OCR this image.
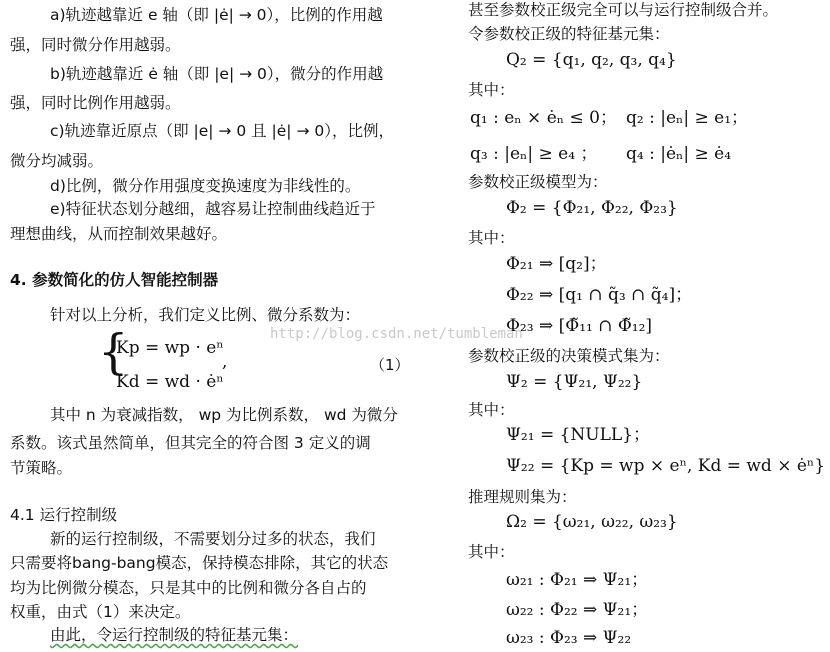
a)轨迹越靠近 e 轴（即 |ė| → 0），比例的作用越
强，同时微分作用越弱。
b)轨迹越靠近 ė 轴（即 |e| → 0），微分的作用越
强，同时比例作用越弱。
c)轨迹靠近原点（即 |e| → 0 且 |ė| → 0），比例，
微分均减弱。
d)比例，微分作用强度变换速度为非线性的。
e)特征状态划分越细，越容易让控制曲线趋近于
理想曲线，从而控制效果越好。
4. 参数简化的仿人智能控制器
针对以上分析，我们定义比例、微分系数为：
{
Kp = wp · eⁿ
,
Kd = wd · ėⁿ
（1）
其中 n 为衰减指数， wp 为比例系数， wd 为微分
系数。该式虽然简单，但其完全的符合图 3 定义的调
节策略。
4.1 运行控制级
新的运行控制级，不需要划分过多的状态，我们
只需要将bang-bang模态，保持模态排除，其它的状态
均为比例微分模态，只是其中的比例和微分各自占的
权重，由式（1）来决定。
由此，令运行控制级的特征基元集：
甚至参数校正级完全可以与运行控制级合并。
令参数校正级的特征基元集：
Q₂ = {q₁, q₂, q₃, q₄}
其中：
q₁ : eₙ × ėₙ ≤ 0； q₂ : |eₙ| ≥ e₁；
q₃ : |eₙ| ≥ e₄ ； q₄ : |ėₙ| ≥ ė₄
参数校正级模型为：
Φ₂ = {Φ₂₁, Φ₂₂, Φ₂₃}
其中：
Φ₂₁ ⇒ [q₂]；
Φ₂₂ ⇒ [q₁ ∩ q̃₃ ∩ q̃₄]；
Φ₂₃ ⇒ [Φ̃₁₁ ∩ Φ̃₁₂]
参数校正级的决策模式集为：
Ψ₂ = {Ψ₂₁, Ψ₂₂}
其中：
Ψ₂₁ = {NULL}；
Ψ₂₂ = {Kp = wp × eⁿ, Kd = wd × ėⁿ}
推理规则集为：
Ω₂ = {ω₂₁, ω₂₂, ω₂₃}
其中：
ω₂₁ : Φ₂₁ ⇒ Ψ₂₁；
ω₂₂ : Φ₂₂ ⇒ Ψ₂₁；
ω₂₃ : Φ₂₃ ⇒ Ψ₂₂
http://blog.csdn.net/tumbleman
